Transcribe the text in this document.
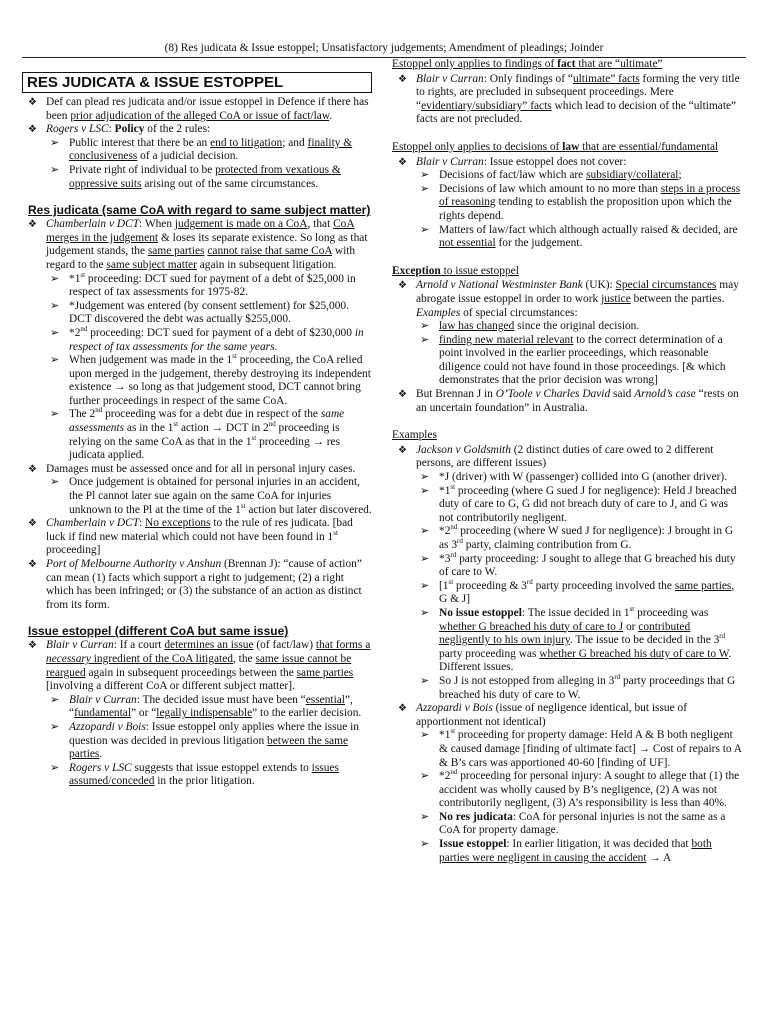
(8) Res judicata & Issue estoppel; Unsatisfactory judgements; Amendment of pleadings; Joinder
RES JUDICATA & ISSUE ESTOPPEL
❖ Def can plead res judicata and/or issue estoppel in Defence if there has been prior adjudication of the alleged CoA or issue of fact/law.
❖ Rogers v LSC: Policy of the 2 rules:
➢ Public interest that there be an end to litigation; and finality & conclusiveness of a judicial decision.
➢ Private right of individual to be protected from vexatious & oppressive suits arising out of the same circumstances.
Res judicata (same CoA with regard to same subject matter)
❖ Chamberlain v DCT: When judgement is made on a CoA, that CoA merges in the judgement & loses its separate existence. So long as that judgement stands, the same parties cannot raise that same CoA with regard to the same subject matter again in subsequent litigation.
➢ *1st proceeding: DCT sued for payment of a debt of $25,000 in respect of tax assessments for 1975-82.
➢ *Judgement was entered (by consent settlement) for $25,000. DCT discovered the debt was actually $255,000.
➢ *2nd proceeding: DCT sued for payment of a debt of $230,000 in respect of tax assessments for the same years.
➢ When judgement was made in the 1st proceeding, the CoA relied upon merged in the judgement, thereby destroying its independent existence → so long as that judgement stood, DCT cannot bring further proceedings in respect of the same CoA.
➢ The 2nd proceeding was for a debt due in respect of the same assessments as in the 1st action → DCT in 2nd proceeding is relying on the same CoA as that in the 1st proceeding → res judicata applied.
❖ Damages must be assessed once and for all in personal injury cases.
➢ Once judgement is obtained for personal injuries in an accident, the Pl cannot later sue again on the same CoA for injuries unknown to the Pl at the time of the 1st action but later discovered.
❖ Chamberlain v DCT: No exceptions to the rule of res judicata. [bad luck if find new material which could not have been found in 1st proceeding]
❖ Port of Melbourne Authority v Anshun (Brennan J): “cause of action” can mean (1) facts which support a right to judgement; (2) a right which has been infringed; or (3) the substance of an action as distinct from its form.
Issue estoppel (different CoA but same issue)
❖ Blair v Curran: If a court determines an issue (of fact/law) that forms a necessary ingredient of the CoA litigated, the same issue cannot be reargued again in subsequent proceedings between the same parties [involving a different CoA or different subject matter].
➢ Blair v Curran: The decided issue must have been “essential”, “fundamental” or “legally indispensable” to the earlier decision.
➢ Azzopardi v Bois: Issue estoppel only applies where the issue in question was decided in previous litigation between the same parties.
➢ Rogers v LSC suggests that issue estoppel extends to issues assumed/conceded in the prior litigation.
Estoppel only applies to findings of fact that are “ultimate”
❖ Blair v Curran: Only findings of “ultimate” facts forming the very title to rights, are precluded in subsequent proceedings. Mere “evidentiary/subsidiary” facts which lead to decision of the “ultimate” facts are not precluded.
Estoppel only applies to decisions of law that are essential/fundamental
❖ Blair v Curran: Issue estoppel does not cover:
➢ Decisions of fact/law which are subsidiary/collateral;
➢ Decisions of law which amount to no more than steps in a process of reasoning tending to establish the proposition upon which the rights depend.
➢ Matters of law/fact which although actually raised & decided, are not essential for the judgement.
Exception to issue estoppel
❖ Arnold v National Westminster Bank (UK): Special circumstances may abrogate issue estoppel in order to work justice between the parties.
Examples of special circumstances:
➢ law has changed since the original decision.
➢ finding new material relevant to the correct determination of a point involved in the earlier proceedings, which reasonable diligence could not have found in those proceedings. [& which demonstrates that the prior decision was wrong]
❖ But Brennan J in O’Toole v Charles David said Arnold’s case “rests on an uncertain foundation” in Australia.
Examples
❖ Jackson v Goldsmith (2 distinct duties of care owed to 2 different persons, are different issues)
➢ *J (driver) with W (passenger) collided into G (another driver).
➢ *1st proceeding (where G sued J for negligence): Held J breached duty of care to G, G did not breach duty of care to J, and G was not contributorily negligent.
➢ *2nd proceeding (where W sued J for negligence): J brought in G as 3rd party, claiming contribution from G.
➢ *3rd party proceeding: J sought to allege that G breached his duty of care to W.
➢ [1st proceeding & 3rd party proceeding involved the same parties, G & J]
➢ No issue estoppel: The issue decided in 1st proceeding was whether G breached his duty of care to J or contributed negligently to his own injury. The issue to be decided in the 3rd party proceeding was whether G breached his duty of care to W. Different issues.
➢ So J is not estopped from alleging in 3rd party proceedings that G breached his duty of care to W.
❖ Azzopardi v Bois (issue of negligence identical, but issue of apportionment not identical)
➢ *1st proceeding for property damage: Held A & B both negligent & caused damage [finding of ultimate fact] → Cost of repairs to A & B’s cars was apportioned 40-60 [finding of UF].
➢ *2nd proceeding for personal injury: A sought to allege that (1) the accident was wholly caused by B’s negligence, (2) A was not contributorily negligent, (3) A’s responsibility is less than 40%.
➢ No res judicata: CoA for personal injuries is not the same as a CoA for property damage.
➢ Issue estoppel: In earlier litigation, it was decided that both parties were negligent in causing the accident → A
